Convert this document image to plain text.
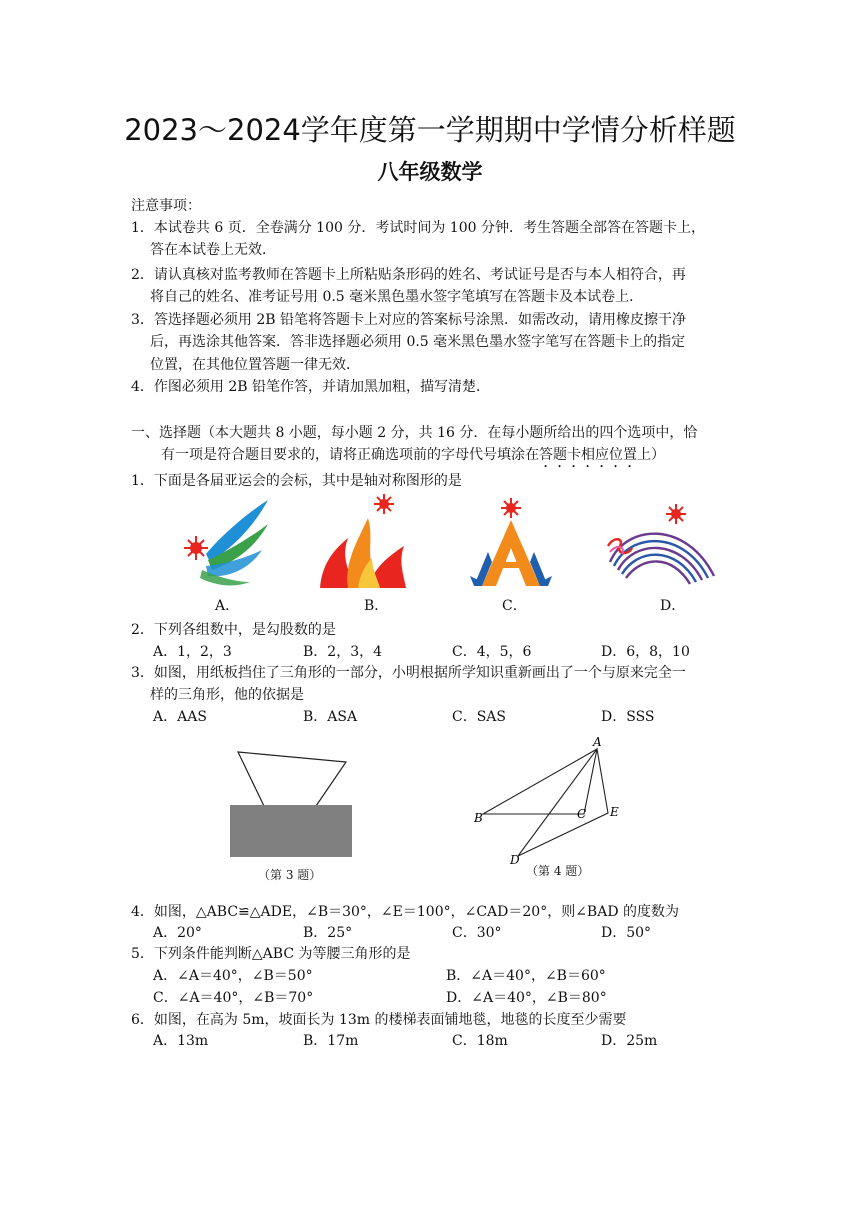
2023～2024学年度第一学期期中学情分析样题
八年级数学
注意事项：
1．本试卷共 6 页．全卷满分 100 分．考试时间为 100 分钟．考生答题全部答在答题卡上，
答在本试卷上无效．
2．请认真核对监考教师在答题卡上所粘贴条形码的姓名、考试证号是否与本人相符合，再
将自己的姓名、准考证号用 0.5 毫米黑色墨水签字笔填写在答题卡及本试卷上．
3．答选择题必须用 2B 铅笔将答题卡上对应的答案标号涂黑．如需改动，请用橡皮擦干净
后，再选涂其他答案．答非选择题必须用 0.5 毫米黑色墨水签字笔写在答题卡上的指定
位置，在其他位置答题一律无效．
4．作图必须用 2B 铅笔作答，并请加黑加粗，描写清楚．
一、选择题（本大题共 8 小题，每小题 2 分，共 16 分．在每小题所给出的四个选项中，恰
有一项是符合题目要求的，请将正确选项前的字母代号填涂在答题卡相应位置上）
1．下面是各届亚运会的会标，其中是轴对称图形的是
A．	B．	C．	D．
2．下列各组数中，是勾股数的是
A．1，2，3	B．2，3，4	C．4，5，6	D．6，8，10
3．如图，用纸板挡住了三角形的一部分，小明根据所学知识重新画出了一个与原来完全一
样的三角形，他的依据是
A．AAS	B．ASA	C．SAS	D．SSS
（第 3 题）
A
B	C
D
E
（第 4 题）
4．如图，△ABC≌△ADE，∠B＝30°，∠E＝100°，∠CAD＝20°，则∠BAD 的度数为
A．20°	B．25°	C．30°	D．50°
5．下列条件能判断△ABC 为等腰三角形的是
A．∠A＝40°，∠B＝50°	B．∠A＝40°，∠B＝60°
C．∠A＝40°，∠B＝70°	D．∠A＝40°，∠B＝80°
6．如图，在高为 5m，坡面长为 13m 的楼梯表面铺地毯，地毯的长度至少需要
A．13m	B．17m	C．18m	D．25m
